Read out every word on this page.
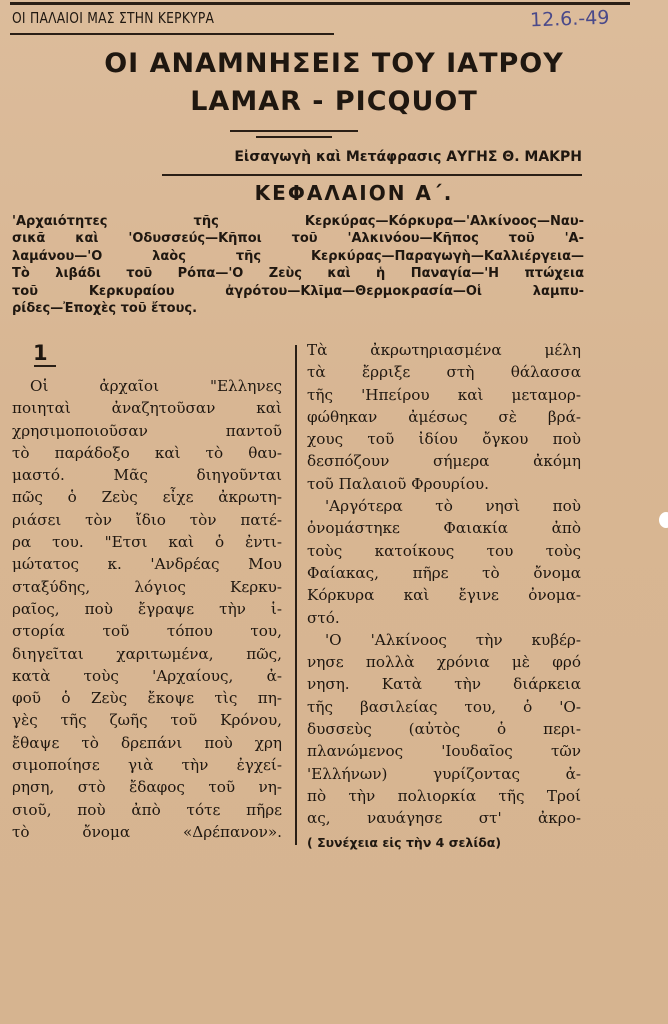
ΟΙ ΠΑΛΑΙΟΙ ΜΑΣ ΣΤΗΝ ΚΕΡΚΥΡΑ	12.6.-49
ΟΙ ΑΝΑΜΝΗΣΕΙΣ ΤΟΥ ΙΑΤΡΟΥ
LAMAR - PICQUOT
Εἰσαγωγὴ καὶ Μετάφρασις ΑΥΓΗΣ Θ. ΜΑΚΡΗ
ΚΕΦΑΛΑΙΟΝ Α΄.
'Αρχαιότητες τῆς Κερκύρας—Κόρκυρα—'Αλκίνοος—Ναυ-
σικᾶ καὶ 'Οδυσσεύς—Κῆποι τοῦ 'Αλκινόου—Κῆπος τοῦ 'Α-
λαμάνου—'Ο λαὸς τῆς Κερκύρας—Παραγωγὴ—Καλλιέργεια—
Τὸ λιβάδι τοῦ Ρόπα—'Ο Ζεὺς καὶ ἡ Παναγία—'Η πτώχεια
τοῦ Κερκυραίου ἀγρότου—Κλῖμα—Θερμοκρασία—Οἱ λαμπυ-
ρίδες—Ἐποχὲς τοῦ ἔτους.
1
Οἱ ἀρχαῖοι "Ελληνες
ποιηταὶ ἀναζητοῦσαν καὶ
χρησιμοποιοῦσαν παντοῦ
τὸ παράδοξο καὶ τὸ θαυ-
μαστό. Μᾶς διηγοῦνται
πῶς ὁ Ζεὺς εἶχε ἀκρωτη-
ριάσει τὸν ἴδιο τὸν πατέ-
ρα του. "Ετσι καὶ ὁ ἐντι-
μώτατος κ. 'Ανδρέας Μου
σταξύδης, λόγιος Κερκυ-
ραῖος, ποὺ ἔγραψε τὴν ἱ-
στορία τοῦ τόπου του,
διηγεῖται χαριτωμένα, πῶς,
κατὰ τοὺς 'Αρχαίους, ἀ-
φοῦ ὁ Ζεὺς ἔκοψε τὶς πη-
γὲς τῆς ζωῆς τοῦ Κρόνου,
ἔθαψε τὸ δρεπάνι ποὺ χρη
σιμοποίησε γιὰ τὴν ἐγχεί-
ρηση, στὸ ἔδαφος τοῦ νη-
σιοῦ, ποὺ ἀπὸ τότε πῆρε
τὸ ὄνομα «Δρέπανον».
Τὰ ἀκρωτηριασμένα μέλη
τὰ ἔρριξε στὴ θάλασσα
τῆς 'Ηπείρου καὶ μεταμορ-
φώθηκαν ἀμέσως σὲ βρά-
χους τοῦ ἰδίου ὄγκου ποὺ
δεσπόζουν σήμερα ἀκόμη
τοῦ Παλαιοῦ Φρουρίου.
'Αργότερα τὸ νησὶ ποὺ
ὀνομάστηκε Φαιακία ἀπὸ
τοὺς κατοίκους του τοὺς
Φαίακας, πῆρε τὸ ὄνομα
Κόρκυρα καὶ ἔγινε ὀνομα-
στό.
'Ο 'Αλκίνοος τὴν κυβέρ-
νησε πολλὰ χρόνια μὲ φρό
νηση. Κατὰ τὴν διάρκεια
τῆς βασιλείας του, ὁ 'Ο-
δυσσεὺς (αὐτὸς ὁ περι-
πλανώμενος 'Ιουδαῖος τῶν
'Ελλήνων) γυρίζοντας ἀ-
πὸ τὴν πολιορκία τῆς Τροί
ας, ναυάγησε στ' ἀκρο-
( Συνέχεια εἰς τὴν 4 σελίδα)
